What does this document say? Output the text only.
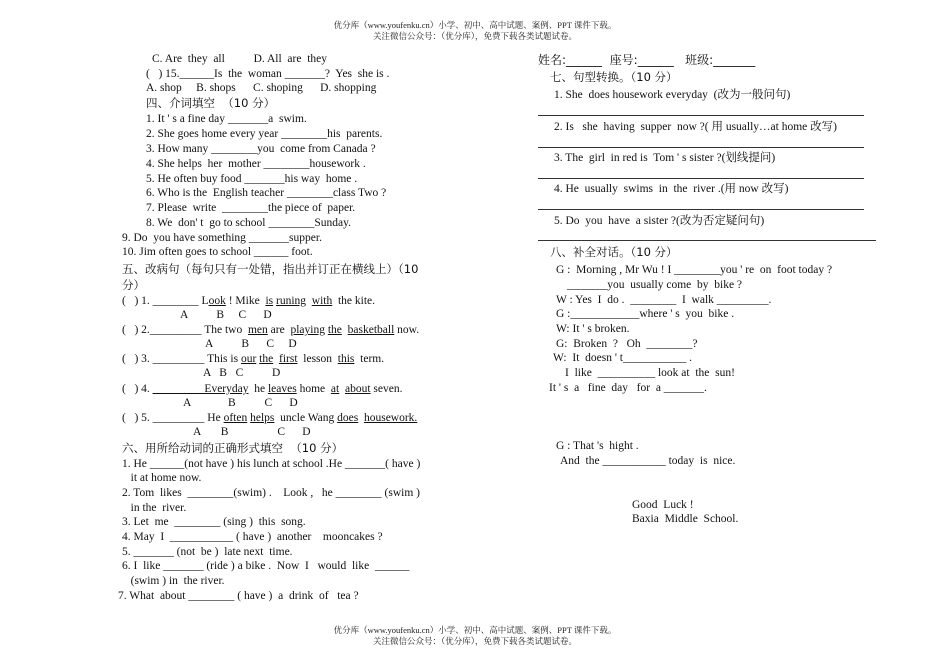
优分库（www.youfenku.cn）小学、初中、高中试题、案例、PPT 课件下载。
关注微信公众号：（优分库），免费下载各类试题试卷。
C. Are  they  all          D. All  are  they
(   ) 15.______Is  the  woman _______?  Yes  she is .
A. shop     B. shops      C. shoping      D. shopping
四、介词填空  （10 分）
1. It ' s a fine day _______a  swim.
2. She goes home every year ________his  parents.
3. How many ________you  come from Canada ?
4. She helps  her  mother ________housework .
5. He often buy food _______his way  home .
6. Who is the  English teacher ________class Two ?
7. Please  write  ________the piece of  paper.
8. We  don' t  go to school ________Sunday.
9. Do  you have something _______supper.
10. Jim often goes to school ______ foot.
五、改病句（每句只有一处错，指出并订正在横线上）（10
分）
(   ) 1. ________ Look ! Mike  is runing with  the kite.
A          B     C      D
(   ) 2._________ The two  men are  playing the basketball now.
A          B      C     D
(   ) 3. _________ This is our the first  lesson  this  term.
A   B   C          D
(   ) 4. _________Everyday  he leaves home  at about seven.
A             B          C      D
(   ) 5. _________ He often helps  uncle Wang does housework.
A       B                 C      D
六、用所给动词的正确形式填空  （10 分）
1. He ______(not have ) his lunch at school .He _______( have )
it at home now.
2. Tom  likes  ________(swim) .    Look ,   he ________ (swim )
in the  river.
3. Let  me  ________ (sing )  this  song.
4. May  I  ___________ ( have )  another    mooncakes ?
5. _______ (not  be )  late next  time.
6. I  like _______ (ride ) a bike .  Now  I   would  like  ______
(swim ) in  the river.
7. What  about ________ ( have )  a  drink  of   tea ?
姓名:______  座号:______   班级:_______
七、句型转换。（10 分）
1. She  does housework everyday  (改为一般问句)
2. Is   she  having  supper  now ?( 用 usually…at home 改写)
3. The  girl  in red is  Tom ' s sister ?(划线提问)
4. He  usually  swims  in  the  river .(用 now 改写)
5. Do  you  have  a sister ?(改为否定疑问句)
八、补全对话。（10 分）
G :  Morning , Mr Wu ! I ________you ' re  on  foot today ?
_______you  usually come  by  bike ?
W : Yes  I  do .  ________  I  walk _________.
G :____________where ' s  you  bike .
W: It ' s broken.
G:  Broken  ?   Oh  ________?
W:  It  doesn ' t___________ .
I  like  __________ look at  the  sun!
It ' s  a   fine  day   for  a _______.
G : That 's  hight .
And  the ___________ today  is  nice.
Good  Luck !
Baxia  Middle  School.
优分库（www.youfenku.cn）小学、初中、高中试题、案例、PPT 课件下载。
关注微信公众号：（优分库），免费下载各类试题试卷。
